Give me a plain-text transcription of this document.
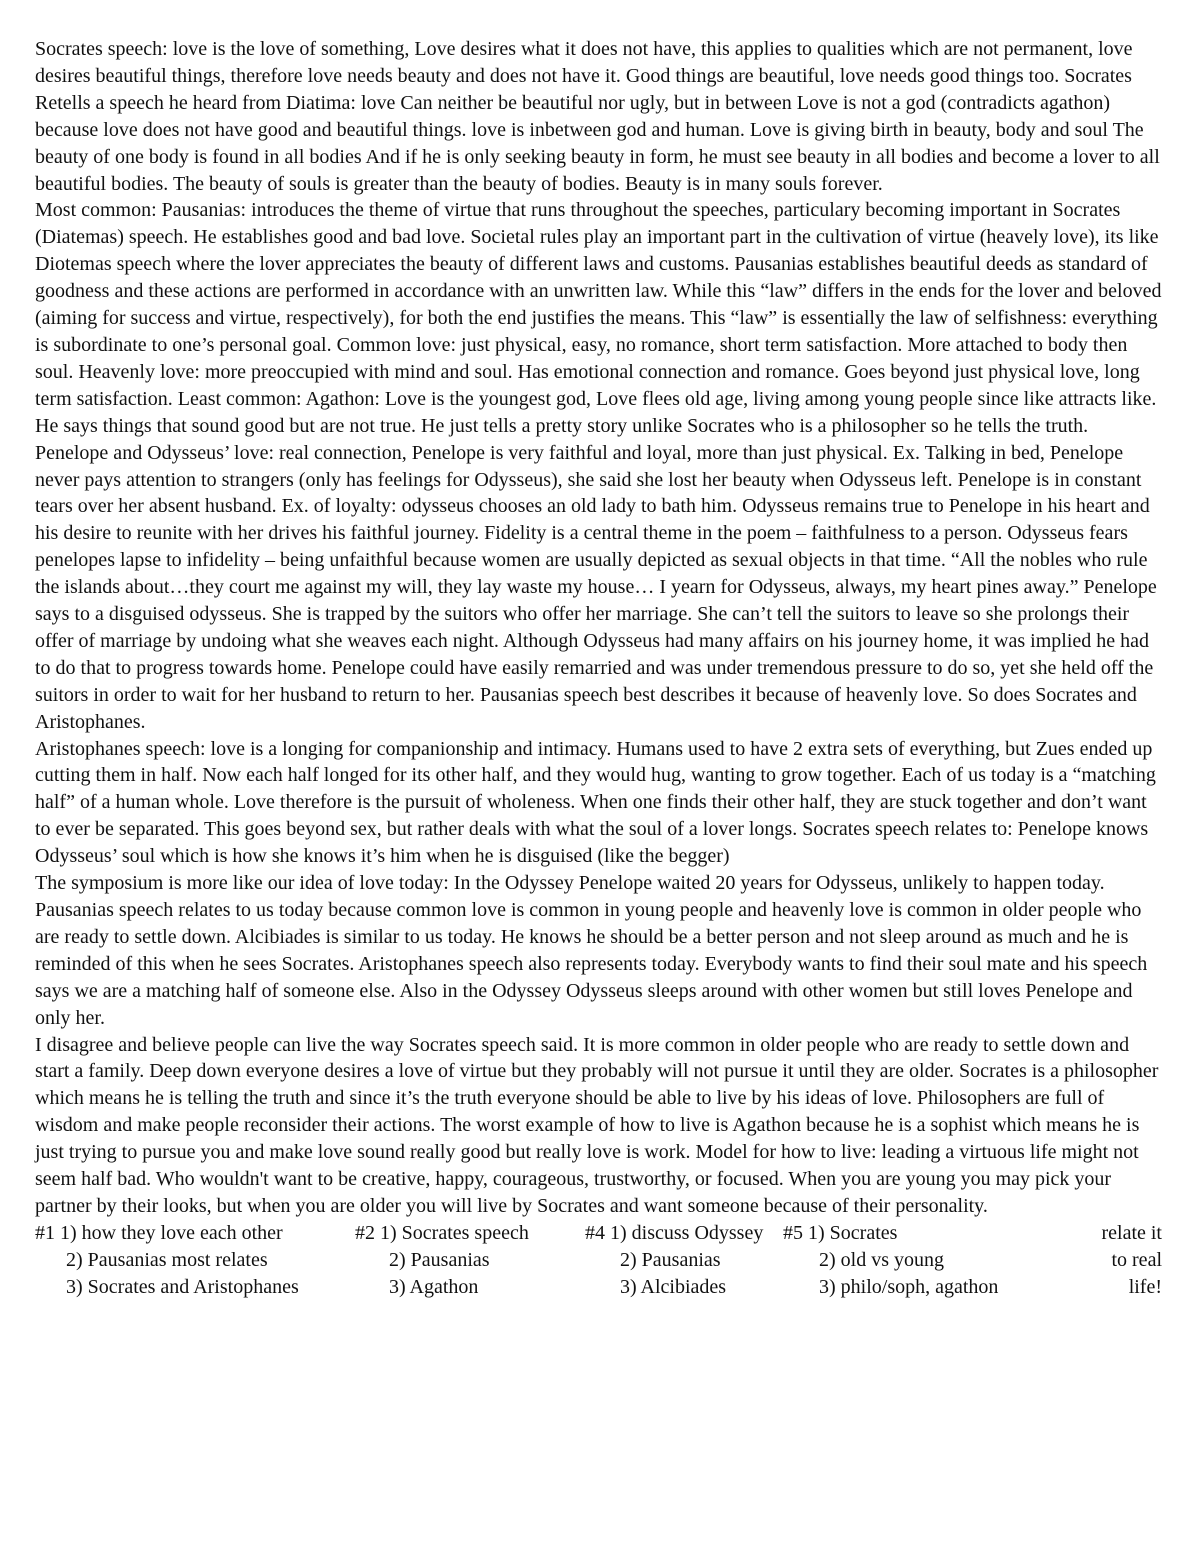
Socrates speech: love is the love of something, Love desires what it does not have, this applies to qualities which are not permanent, love desires beautiful things, therefore love needs beauty and does not have it. Good things are beautiful, love needs good things too. Socrates Retells a speech he heard from Diatima: love Can neither be beautiful nor ugly, but in between Love is not a god (contradicts agathon) because love does not have good and beautiful things. love is inbetween god and human. Love is giving birth in beauty, body and soul The beauty of one body is found in all bodies And if he is only seeking beauty in form, he must see beauty in all bodies and become a lover to all beautiful bodies. The beauty of souls is greater than the beauty of bodies. Beauty is in many souls forever.

Most common: Pausanias: introduces the theme of virtue that runs throughout the speeches, particulary becoming important in Socrates (Diatemas) speech. He establishes good and bad love. Societal rules play an important part in the cultivation of virtue (heavely love), its like Diotemas speech where the lover appreciates the beauty of different laws and customs. Pausanias establishes beautiful deeds as standard of goodness and these actions are performed in accordance with an unwritten law. While this “law” differs in the ends for the lover and beloved (aiming for success and virtue, respectively), for both the end justifies the means. This “law” is essentially the law of selfishness: everything is subordinate to one’s personal goal. Common love: just physical, easy, no romance, short term satisfaction. More attached to body then soul. Heavenly love: more preoccupied with mind and soul. Has emotional connection and romance. Goes beyond just physical love, long term satisfaction. Least common: Agathon: Love is the youngest god, Love flees old age, living among young people since like attracts like. He says things that sound good but are not true. He just tells a pretty story unlike Socrates who is a philosopher so he tells the truth.

Penelope and Odysseus’ love: real connection, Penelope is very faithful and loyal, more than just physical. Ex. Talking in bed, Penelope never pays attention to strangers (only has feelings for Odysseus), she said she lost her beauty when Odysseus left. Penelope is in constant tears over her absent husband. Ex. of loyalty: odysseus chooses an old lady to bath him. Odysseus remains true to Penelope in his heart and his desire to reunite with her drives his faithful journey. Fidelity is a central theme in the poem – faithfulness to a person. Odysseus fears penelopes lapse to infidelity – being unfaithful because women are usually depicted as sexual objects in that time. “All the nobles who rule the islands about…they court me against my will, they lay waste my house… I yearn for Odysseus, always, my heart pines away.” Penelope says to a disguised odysseus. She is trapped by the suitors who offer her marriage. She can’t tell the suitors to leave so she prolongs their offer of marriage by undoing what she weaves each night. Although Odysseus had many affairs on his journey home, it was implied he had to do that to progress towards home. Penelope could have easily remarried and was under tremendous pressure to do so, yet she held off the suitors in order to wait for her husband to return to her. Pausanias speech best describes it because of heavenly love. So does Socrates and Aristophanes.

Aristophanes speech: love is a longing for companionship and intimacy. Humans used to have 2 extra sets of everything, but Zues ended up cutting them in half. Now each half longed for its other half, and they would hug, wanting to grow together. Each of us today is a “matching half” of a human whole. Love therefore is the pursuit of wholeness. When one finds their other half, they are stuck together and don’t want to ever be separated. This goes beyond sex, but rather deals with what the soul of a lover longs. Socrates speech relates to: Penelope knows Odysseus’ soul which is how she knows it’s him when he is disguised (like the begger)

The symposium is more like our idea of love today: In the Odyssey Penelope waited 20 years for Odysseus, unlikely to happen today. Pausanias speech relates to us today because common love is common in young people and heavenly love is common in older people who are ready to settle down. Alcibiades is similar to us today. He knows he should be a better person and not sleep around as much and he is reminded of this when he sees Socrates. Aristophanes speech also represents today. Everybody wants to find their soul mate and his speech says we are a matching half of someone else. Also in the Odyssey Odysseus sleeps around with other women but still loves Penelope and only her.

I disagree and believe people can live the way Socrates speech said. It is more common in older people who are ready to settle down and start a family. Deep down everyone desires a love of virtue but they probably will not pursue it until they are older. Socrates is a philosopher which means he is telling the truth and since it’s the truth everyone should be able to live by his ideas of love. Philosophers are full of wisdom and make people reconsider their actions. The worst example of how to live is Agathon because he is a sophist which means he is just trying to pursue you and make love sound really good but really love is work. Model for how to live: leading a virtuous life might not seem half bad. Who wouldn't want to be creative, happy, courageous, trustworthy, or focused. When you are young you may pick your partner by their looks, but when you are older you will live by Socrates and want someone because of their personality.

#1 1) how they love each other
2) Pausanias most relates
3) Socrates and Aristophanes
#2 1) Socrates speech
2) Pausanias
3) Agathon
#4 1) discuss Odyssey
2) Pausanias
3) Alcibiades
#5 1) Socrates
2) old vs young
3) philo/soph, agathon
relate it
to real
life!
